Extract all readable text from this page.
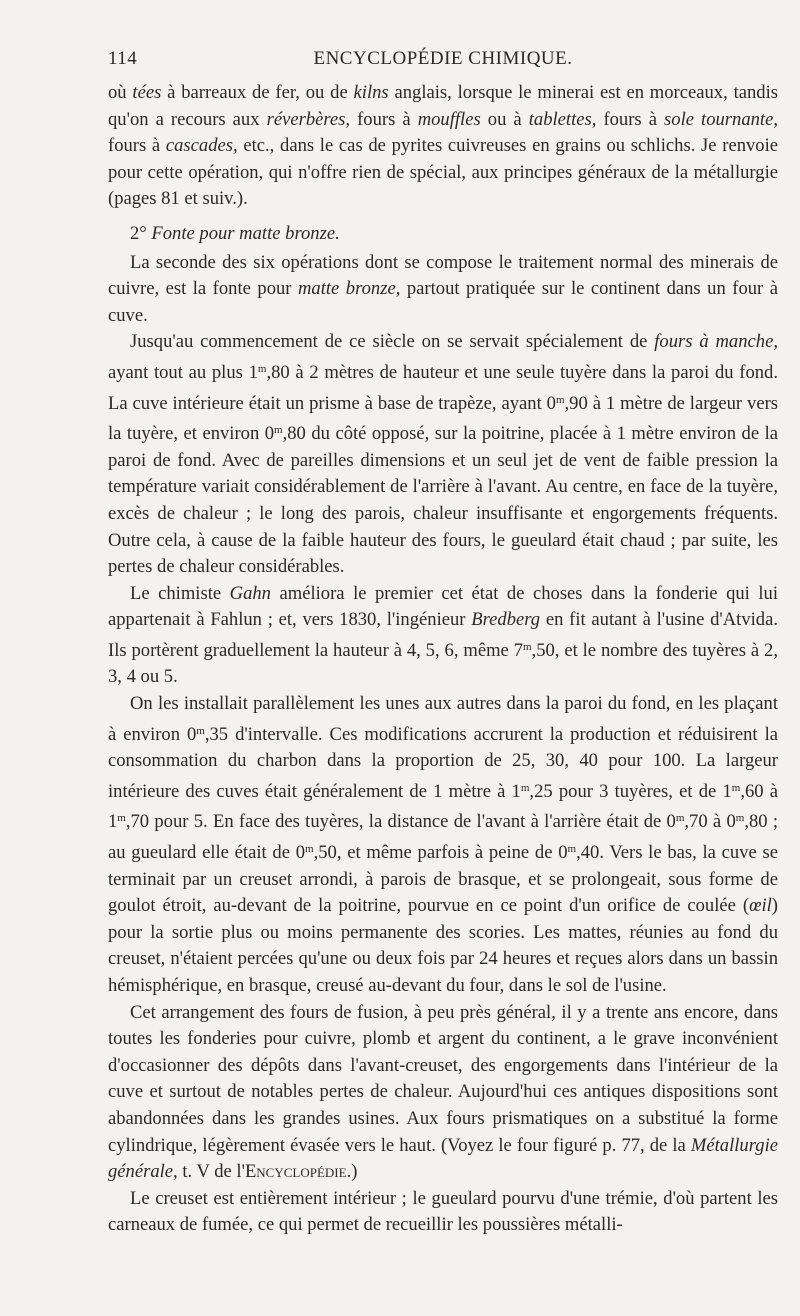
114	ENCYCLOPÉDIE CHIMIQUE.

où tées à barreaux de fer, ou de kilns anglais, lorsque le minerai est en morceaux, tandis qu'on a recours aux réverbères, fours à mouffles ou à tablettes, fours à sole tournante, fours à cascades, etc., dans le cas de pyrites cuivreuses en grains ou schlichs. Je renvoie pour cette opération, qui n'offre rien de spécial, aux principes généraux de la métallurgie (pages 81 et suiv.).

2° Fonte pour matte bronze.

La seconde des six opérations dont se compose le traitement normal des minerais de cuivre, est la fonte pour matte bronze, partout pratiquée sur le continent dans un four à cuve.

Jusqu'au commencement de ce siècle on se servait spécialement de fours à manche, ayant tout au plus 1$^m$,80 à 2 mètres de hauteur et une seule tuyère dans la paroi du fond. La cuve intérieure était un prisme à base de trapèze, ayant 0$^m$,90 à 1 mètre de largeur vers la tuyère, et environ 0$^m$,80 du côté opposé, sur la poitrine, placée à 1 mètre environ de la paroi de fond. Avec de pareilles dimensions et un seul jet de vent de faible pression la température variait considérablement de l'arrière à l'avant. Au centre, en face de la tuyère, excès de chaleur ; le long des parois, chaleur insuffisante et engorgements fréquents. Outre cela, à cause de la faible hauteur des fours, le gueulard était chaud ; par suite, les pertes de chaleur considérables.

Le chimiste Gahn améliora le premier cet état de choses dans la fonderie qui lui appartenait à Fahlun ; et, vers 1830, l'ingénieur Bredberg en fit autant à l'usine d'Atvida. Ils portèrent graduellement la hauteur à 4, 5, 6, même 7$^m$,50, et le nombre des tuyères à 2, 3, 4 ou 5.

On les installait parallèlement les unes aux autres dans la paroi du fond, en les plaçant à environ 0$^m$,35 d'intervalle. Ces modifications accrurent la production et réduisirent la consommation du charbon dans la proportion de 25, 30, 40 pour 100. La largeur intérieure des cuves était généralement de 1 mètre à 1$^m$,25 pour 3 tuyères, et de 1$^m$,60 à 1$^m$,70 pour 5. En face des tuyères, la distance de l'avant à l'arrière était de 0$^m$,70 à 0$^m$,80 ; au gueulard elle était de 0$^m$,50, et même parfois à peine de 0$^m$,40. Vers le bas, la cuve se terminait par un creuset arrondi, à parois de brasque, et se prolongeait, sous forme de goulot étroit, au-devant de la poitrine, pourvue en ce point d'un orifice de coulée (œil) pour la sortie plus ou moins permanente des scories. Les mattes, réunies au fond du creuset, n'étaient percées qu'une ou deux fois par 24 heures et reçues alors dans un bassin hémisphérique, en brasque, creusé au-devant du four, dans le sol de l'usine.

Cet arrangement des fours de fusion, à peu près général, il y a trente ans encore, dans toutes les fonderies pour cuivre, plomb et argent du continent, a le grave inconvénient d'occasionner des dépôts dans l'avant-creuset, des engorgements dans l'intérieur de la cuve et surtout de notables pertes de chaleur. Aujourd'hui ces antiques dispositions sont abandonnées dans les grandes usines. Aux fours prismatiques on a substitué la forme cylindrique, légèrement évasée vers le haut. (Voyez le four figuré p. 77, de la Métallurgie générale, t. V de l'Encyclopédie.)

Le creuset est entièrement intérieur ; le gueulard pourvu d'une trémie, d'où partent les carneaux de fumée, ce qui permet de recueillir les poussières métalli-
